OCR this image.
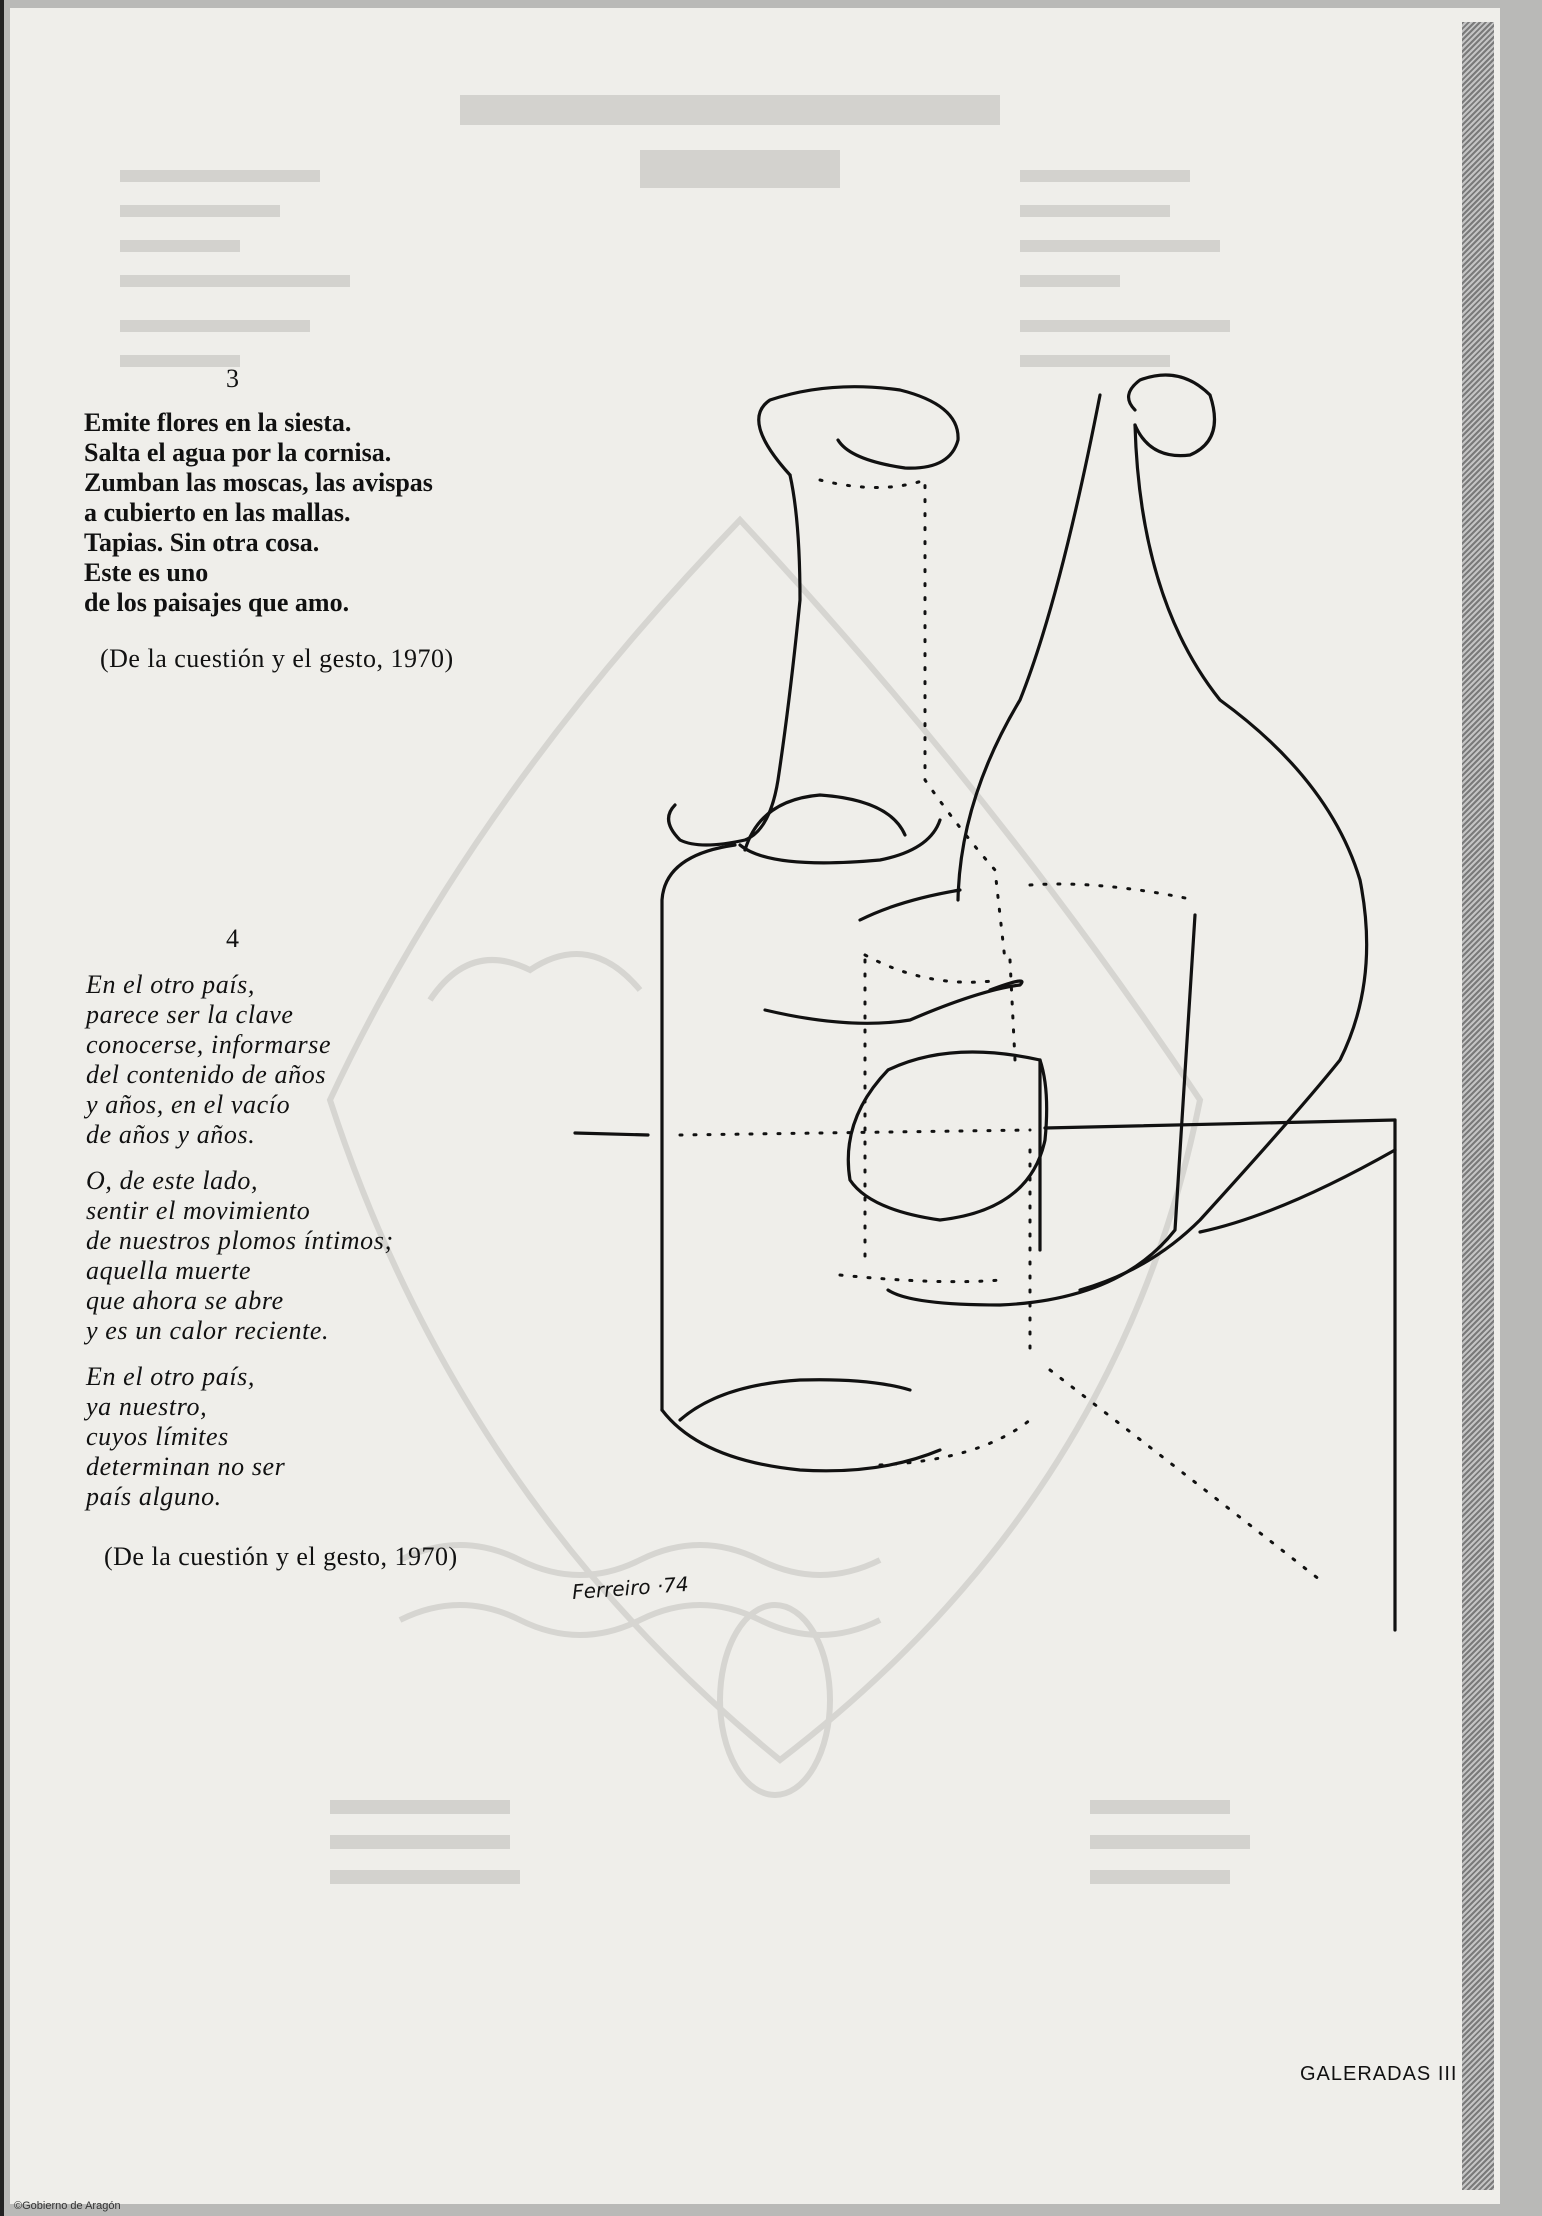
3
Emite flores en la siesta.
Salta el agua por la cornisa.
Zumban las moscas, las avispas
a cubierto en las mallas.
Tapias. Sin otra cosa.
Este es uno
de los paisajes que amo.
(De la cuestión y el gesto, 1970)
4
En el otro país,
parece ser la clave
conocerse, informarse
del contenido de años
y años, en el vacío
de años y años.
O, de este lado,
sentir el movimiento
de nuestros plomos íntimos;
aquella muerte
que ahora se abre
y es un calor reciente.
En el otro país,
ya nuestro,
cuyos límites
determinan no ser
país alguno.
(De la cuestión y el gesto, 1970)
Ferreiro ·74
GALERADAS III
©Gobierno de Aragón
